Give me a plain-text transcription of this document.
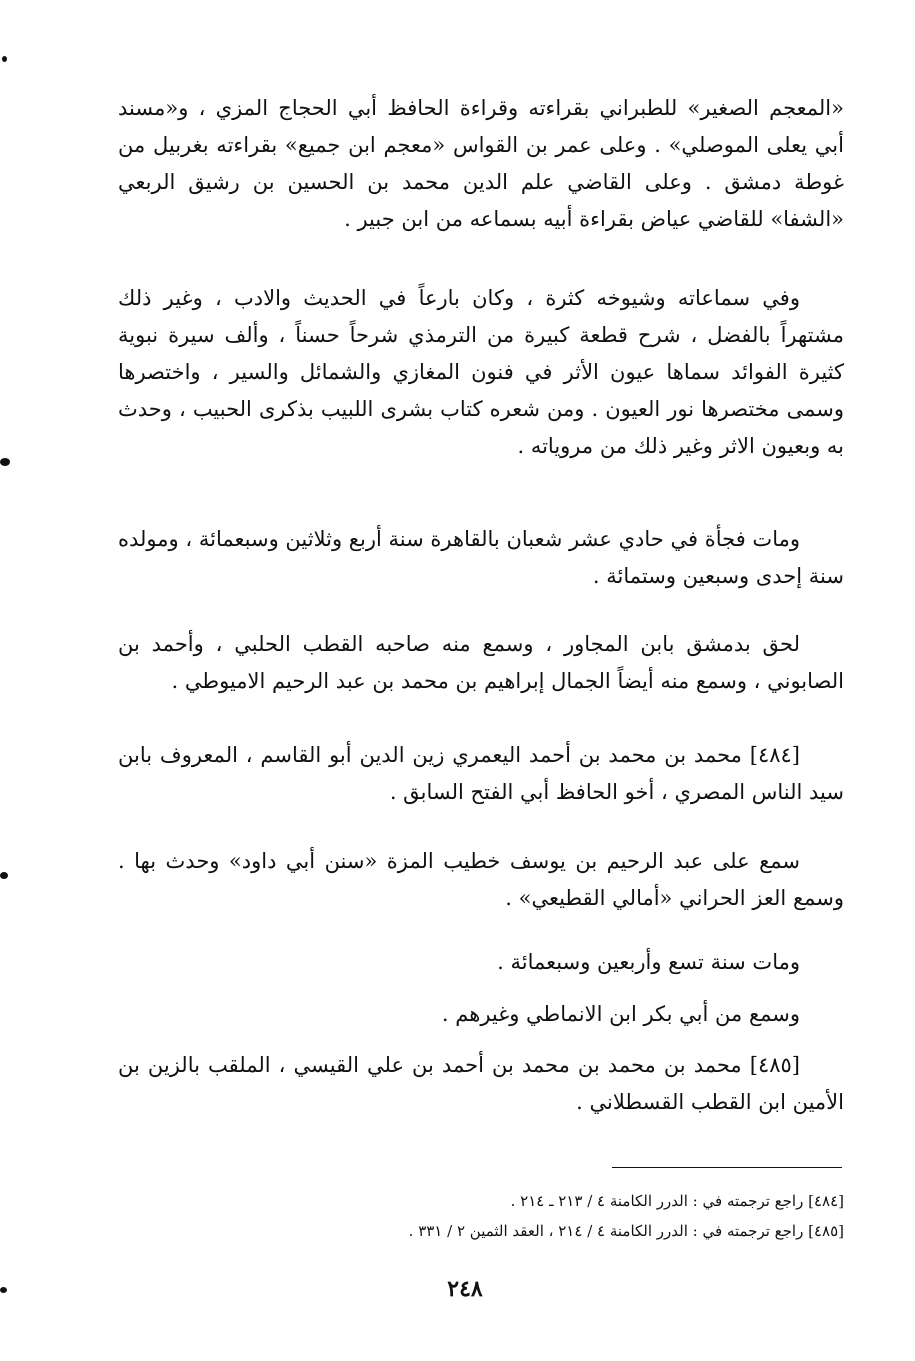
«المعجم الصغير» للطبراني بقراءته وقراءة الحافظ أبي الحجاج المزي ، و«مسند أبي يعلى الموصلي» . وعلى عمر بن القواس «معجم ابن جميع» بقراءته بغربيل من غوطة دمشق . وعلى القاضي علم الدين محمد بن الحسين بن رشيق الربعي «الشفا» للقاضي عياض بقراءة أبيه بسماعه من ابن جبير .

وفي سماعاته وشيوخه كثرة ، وكان بارعاً في الحديث والادب ، وغير ذلك مشتهراً بالفضل ، شرح قطعة كبيرة من الترمذي شرحاً حسناً ، وألف سيرة نبوية كثيرة الفوائد سماها عيون الأثر في فنون المغازي والشمائل والسير ، واختصرها وسمى مختصرها نور العيون . ومن شعره كتاب بشرى اللبيب بذكرى الحبيب ، وحدث به وبعيون الاثر وغير ذلك من مروياته .

ومات فجأة في حادي عشر شعبان بالقاهرة سنة أربع وثلاثين وسبعمائة ، ومولده سنة إحدى وسبعين وستمائة .

لحق بدمشق بابن المجاور ، وسمع منه صاحبه القطب الحلبي ، وأحمد بن الصابوني ، وسمع منه أيضاً الجمال إبراهيم بن محمد بن عبد الرحيم الاميوطي .

[٤٨٤] محمد بن محمد بن أحمد اليعمري زين الدين أبو القاسم ، المعروف بابن سيد الناس المصري ، أخو الحافظ أبي الفتح السابق .

سمع على عبد الرحيم بن يوسف خطيب المزة «سنن أبي داود» وحدث بها . وسمع العز الحراني «أمالي القطيعي» .

ومات سنة تسع وأربعين وسبعمائة .

وسمع من أبي بكر ابن الانماطي وغيرهم .

[٤٨٥] محمد بن محمد بن محمد بن أحمد بن علي القيسي ، الملقب بالزين بن الأمين ابن القطب القسطلاني .

[٤٨٤] راجع ترجمته في : الدرر الكامنة ٤ / ٢١٣ ـ ٢١٤ .
[٤٨٥] راجع ترجمته في : الدرر الكامنة ٤ / ٢١٤ ، العقد الثمين ٢ / ٣٣١ .
٢٤٨
